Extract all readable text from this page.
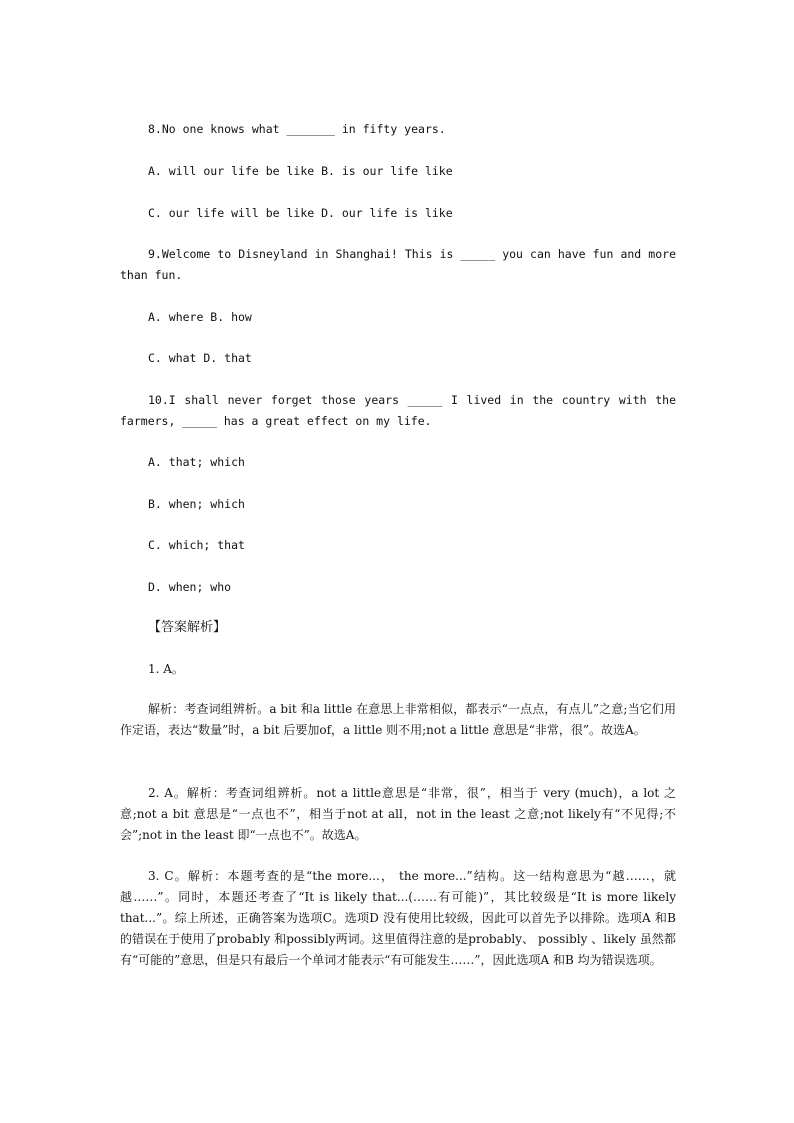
8.No one knows what _______ in fifty years.
A. will our life be like B. is our life like
C. our life will be like D. our life is like
9.Welcome to Disneyland in Shanghai! This is _____ you can have fun and more than fun.
A. where B. how
C. what D. that
10.I shall never forget those years _____ I lived in the country with the farmers, _____ has a great effect on my life.
A. that; which
B. when; which
C. which; that
D. when; who
【答案解析】
1. A。
解析：考查词组辨析。a bit 和a little 在意思上非常相似，都表示“一点点，有点儿”之意;当它们用作定语，表达“数量”时，a bit 后要加of，a little 则不用;not a little 意思是“非常，很”。故选A。
2. A。解析：考查词组辨析。not a little意思是“非常，很”，相当于 very (much)，a lot 之意;not a bit 意思是“一点也不”，相当于not at all，not in the least 之意;not likely有“不见得;不会”;not in the least 即“一点也不”。故选A。
3. C。解析：本题考查的是“the more...， the more...”结构。这一结构意思为“越……，就越……”。同时，本题还考查了“It is likely that...(……有可能)”，其比较级是“It is more likely that...”。综上所述，正确答案为选项C。选项D 没有使用比较级，因此可以首先予以排除。选项A 和B 的错误在于使用了probably 和possibly两词。这里值得注意的是probably、 possibly 、likely 虽然都有“可能的”意思，但是只有最后一个单词才能表示“有可能发生……”，因此选项A 和B 均为错误选项。
